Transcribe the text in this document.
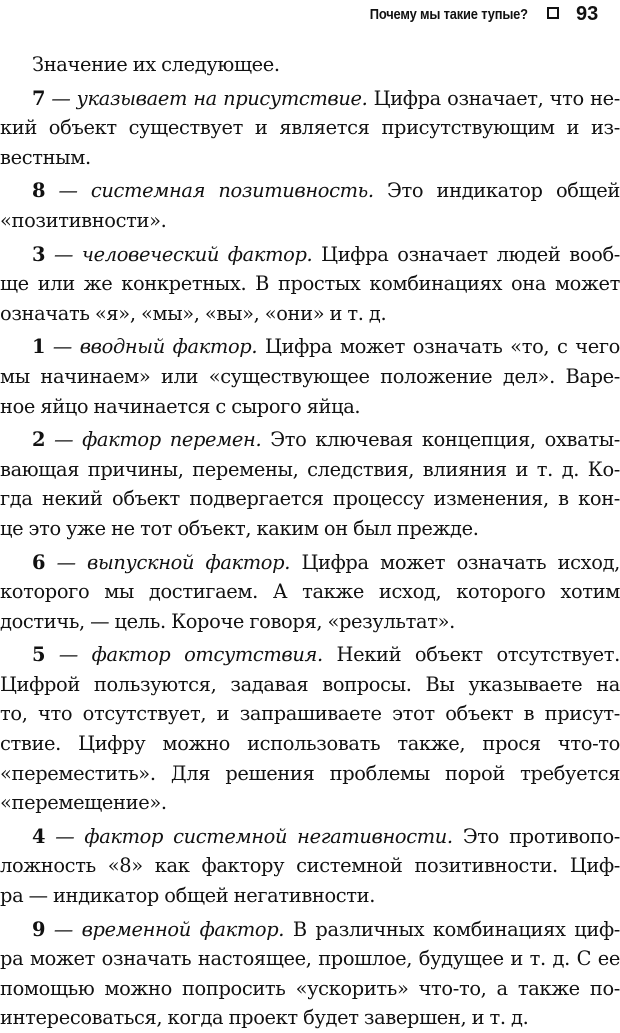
Почему мы такие тупые? 93
Значение их следующее.
7 — указывает на присутствие. Цифра означает, что не-
кий объект существует и является присутствующим и из-
вестным.
8 — системная позитивность. Это индикатор общей
«позитивности».
3 — человеческий фактор. Цифра означает людей вооб-
ще или же конкретных. В простых комбинациях она может
означать «я», «мы», «вы», «они» и т. д.
1 — вводный фактор. Цифра может означать «то, с чего
мы начинаем» или «существующее положение дел». Варе-
ное яйцо начинается с сырого яйца.
2 — фактор перемен. Это ключевая концепция, охваты-
вающая причины, перемены, следствия, влияния и т. д. Ко-
гда некий объект подвергается процессу изменения, в кон-
це это уже не тот объект, каким он был прежде.
6 — выпускной фактор. Цифра может означать исход,
которого мы достигаем. А также исход, которого хотим
достичь, — цель. Короче говоря, «результат».
5 — фактор отсутствия. Некий объект отсутствует.
Цифрой пользуются, задавая вопросы. Вы указываете на
то, что отсутствует, и запрашиваете этот объект в присут-
ствие. Цифру можно использовать также, прося что-то
«переместить». Для решения проблемы порой требуется
«перемещение».
4 — фактор системной негативности. Это противопо-
ложность «8» как фактору системной позитивности. Циф-
ра — индикатор общей негативности.
9 — временной фактор. В различных комбинациях циф-
ра может означать настоящее, прошлое, будущее и т. д. С ее
помощью можно попросить «ускорить» что-то, а также по-
интересоваться, когда проект будет завершен, и т. д.
